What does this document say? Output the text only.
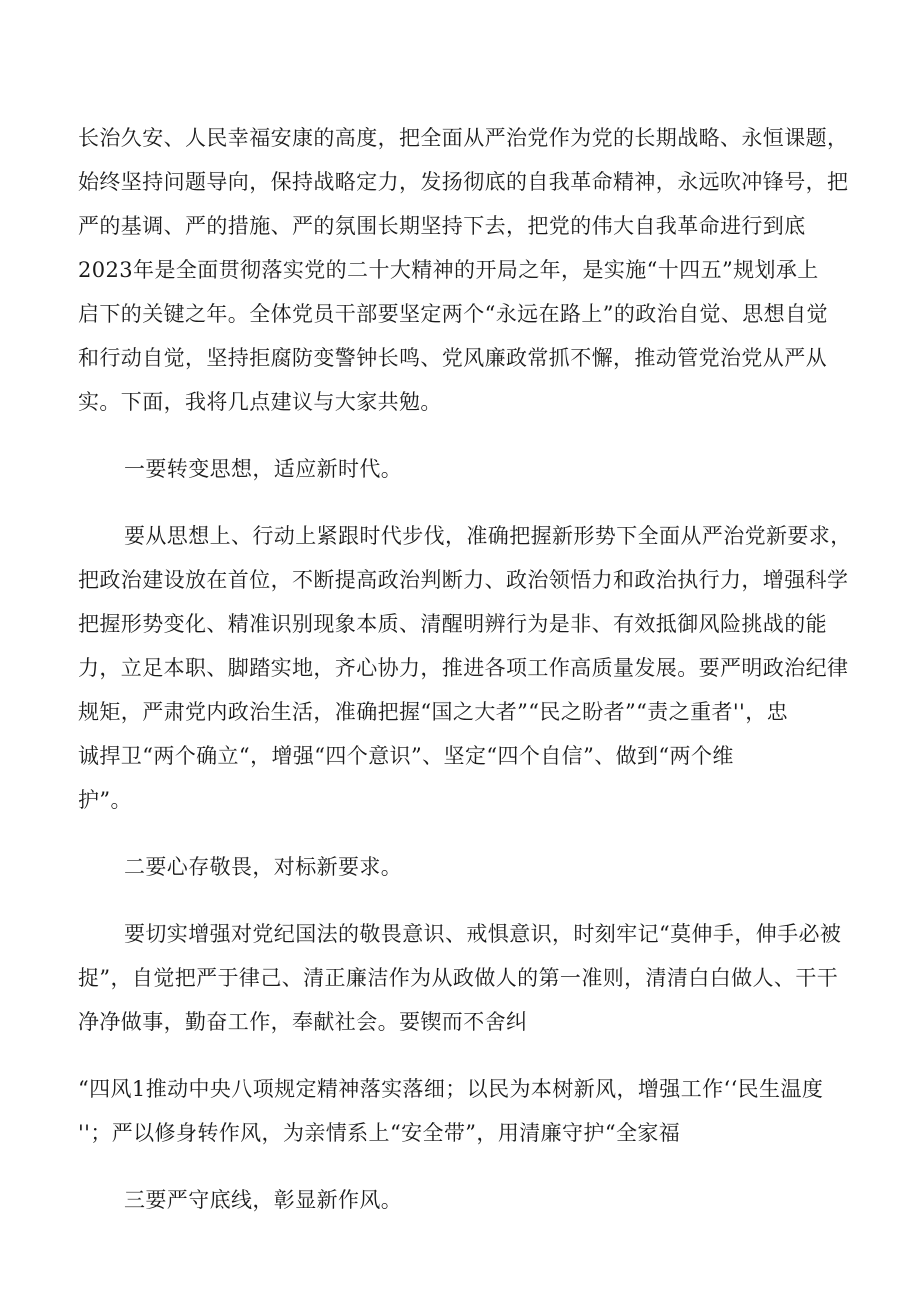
长治久安、人民幸福安康的高度，把全面从严治党作为党的长期战略、永恒课题，
始终坚持问题导向，保持战略定力，发扬彻底的自我革命精神，永远吹冲锋号，把
严的基调、严的措施、严的氛围长期坚持下去，把党的伟大自我革命进行到底
2023年是全面贯彻落实党的二十大精神的开局之年，是实施“十四五”规划承上
启下的关键之年。全体党员干部要坚定两个“永远在路上”的政治自觉、思想自觉
和行动自觉，坚持拒腐防变警钟长鸣、党风廉政常抓不懈，推动管党治党从严从
实。下面，我将几点建议与大家共勉。
一要转变思想，适应新时代。
要从思想上、行动上紧跟时代步伐，准确把握新形势下全面从严治党新要求，
把政治建设放在首位，不断提高政治判断力、政治领悟力和政治执行力，增强科学
把握形势变化、精准识别现象本质、清醒明辨行为是非、有效抵御风险挑战的能
力，立足本职、脚踏实地，齐心协力，推进各项工作高质量发展。要严明政治纪律
规矩，严肃党内政治生活，准确把握“国之大者”“民之盼者”“责之重者''，忠
诚捍卫“两个确立“，增强“四个意识”、坚定“四个自信”、做到“两个维
护”。
二要心存敬畏，对标新要求。
要切实增强对党纪国法的敬畏意识、戒惧意识，时刻牢记“莫伸手，伸手必被
捉”，自觉把严于律己、清正廉洁作为从政做人的第一准则，清清白白做人、干干
净净做事，勤奋工作，奉献社会。要锲而不舍纠
“四风1推动中央八项规定精神落实落细；以民为本树新风，增强工作‘‘民生温度
''；严以修身转作风，为亲情系上“安全带”，用清廉守护“全家福
三要严守底线，彰显新作风。
